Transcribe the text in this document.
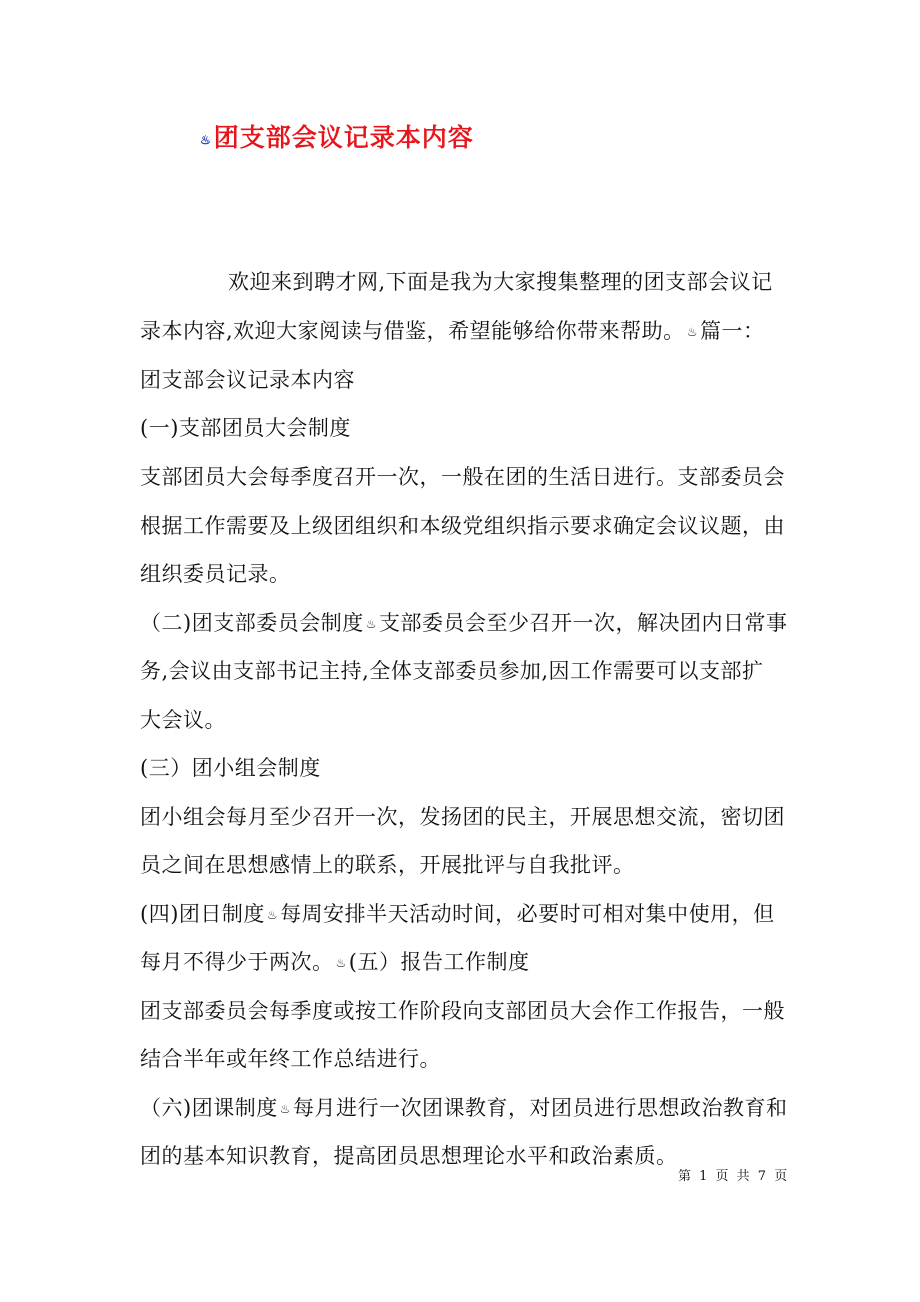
♨团支部会议记录本内容
欢迎来到聘才网,下面是我为大家搜集整理的团支部会议记
录本内容,欢迎大家阅读与借鉴，希望能够给你带来帮助。 ♨篇一：
团支部会议记录本内容
(一)支部团员大会制度
支部团员大会每季度召开一次，一般在团的生活日进行。支部委员会
根据工作需要及上级团组织和本级党组织指示要求确定会议议题，由
组织委员记录。
（二)团支部委员会制度 ♨支部委员会至少召开一次，解决团内日常事
务,会议由支部书记主持,全体支部委员参加,因工作需要可以支部扩
大会议。
(三）团小组会制度
团小组会每月至少召开一次，发扬团的民主，开展思想交流，密切团
员之间在思想感情上的联系，开展批评与自我批评。
(四)团日制度 ♨每周安排半天活动时间，必要时可相对集中使用，但
每月不得少于两次。 ♨(五）报告工作制度
团支部委员会每季度或按工作阶段向支部团员大会作工作报告，一般
结合半年或年终工作总结进行。
（六)团课制度 ♨每月进行一次团课教育，对团员进行思想政治教育和
团的基本知识教育，提高团员思想理论水平和政治素质。
第 1 页 共 7 页
